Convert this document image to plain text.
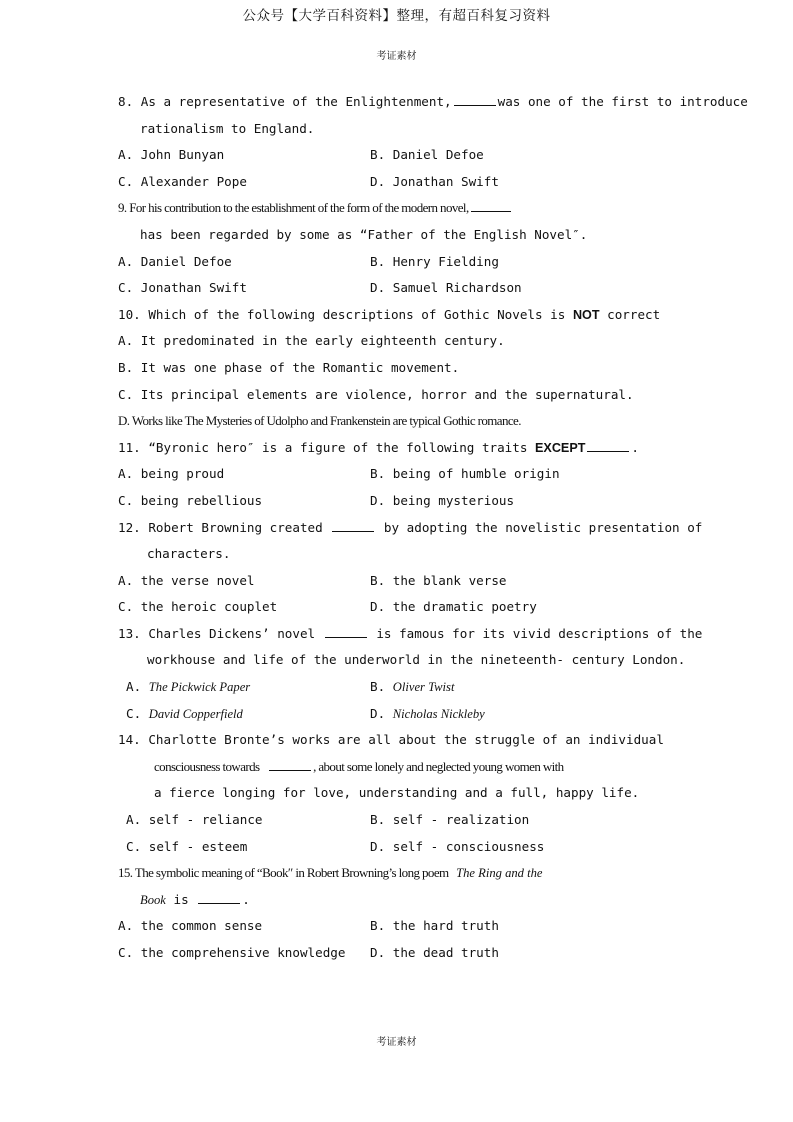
公众号【大学百科资料】整理，有超百科复习资料
考证素材
8. As a representative of the Enlightenment,	was one of the first to introduce
rationalism to England.
A. John Bunyan	B. Daniel Defoe
C. Alexander Pope	D. Jonathan Swift
9. For his contribution to the establishment of the form of the modern novel,
has been regarded by some as “Father of the English Novel″.
A. Daniel Defoe	B. Henry Fielding
C. Jonathan Swift	D. Samuel Richardson
10. Which of the following descriptions of Gothic Novels is NOT correct
A. It predominated in the early eighteenth century.
B. It was one phase of the Romantic movement.
C. Its principal elements are violence, horror and the supernatural.
D. Works like The Mysteries of Udolpho and Frankenstein are typical Gothic romance.
11. “Byronic hero″ is a figure of the following traits EXCEPT	.
A. being proud	B. being of humble origin
C. being rebellious	D. being mysterious
12. Robert Browning created	by adopting the novelistic presentation of
characters.
A. the verse novel	B. the blank verse
C. the heroic couplet	D. the dramatic poetry
13. Charles Dickens’ novel	is famous for its vivid descriptions of the
workhouse and life of the underworld in the nineteenth- century London.
A. The Pickwick Paper	B. Oliver Twist
C. David Copperfield	D. Nicholas Nickleby
14. Charlotte Bronte’s works are all about the struggle of an individual
consciousness towards	, about some lonely and neglected young women with
a fierce longing for love, understanding and a full, happy life.
A. self - reliance	B. self - realization
C. self - esteem	D. self - consciousness
15. The symbolic meaning of “Book″ in Robert Browning’s long poem The Ring and the
Book is	.
A. the common sense	B. the hard truth
C. the comprehensive knowledge D. the dead truth
考证素材
